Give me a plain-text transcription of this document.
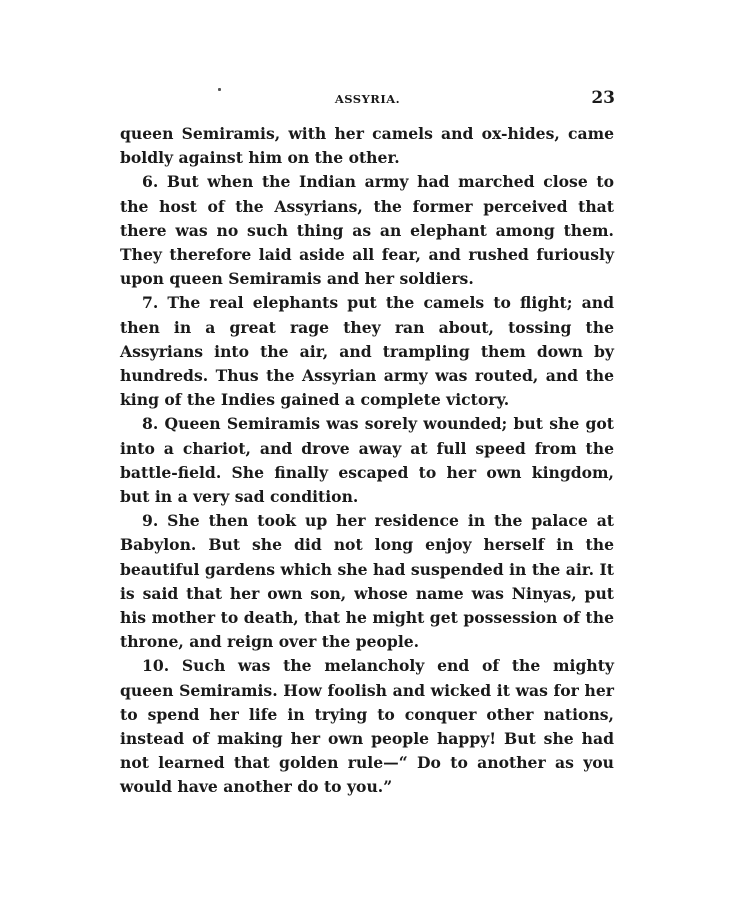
ASSYRIA.	23

queen Semiramis, with her camels and ox-hides, came boldly against him on the other.

6. But when the Indian army had marched close to the host of the Assyrians, the former perceived that there was no such thing as an elephant among them. They therefore laid aside all fear, and rushed furiously upon queen Semiramis and her soldiers.

7. The real elephants put the camels to flight; and then in a great rage they ran about, tossing the Assyrians into the air, and trampling them down by hundreds. Thus the Assyrian army was routed, and the king of the Indies gained a complete victory.

8. Queen Semiramis was sorely wounded; but she got into a chariot, and drove away at full speed from the battle-field. She finally escaped to her own kingdom, but in a very sad condition.

9. She then took up her residence in the palace at Babylon. But she did not long enjoy herself in the beautiful gardens which she had suspended in the air. It is said that her own son, whose name was Ninyas, put his mother to death, that he might get possession of the throne, and reign over the people.

10. Such was the melancholy end of the mighty queen Semiramis. How foolish and wicked it was for her to spend her life in trying to conquer other nations, instead of making her own people happy! But she had not learned that golden rule—“ Do to another as you would have another do to you.”
